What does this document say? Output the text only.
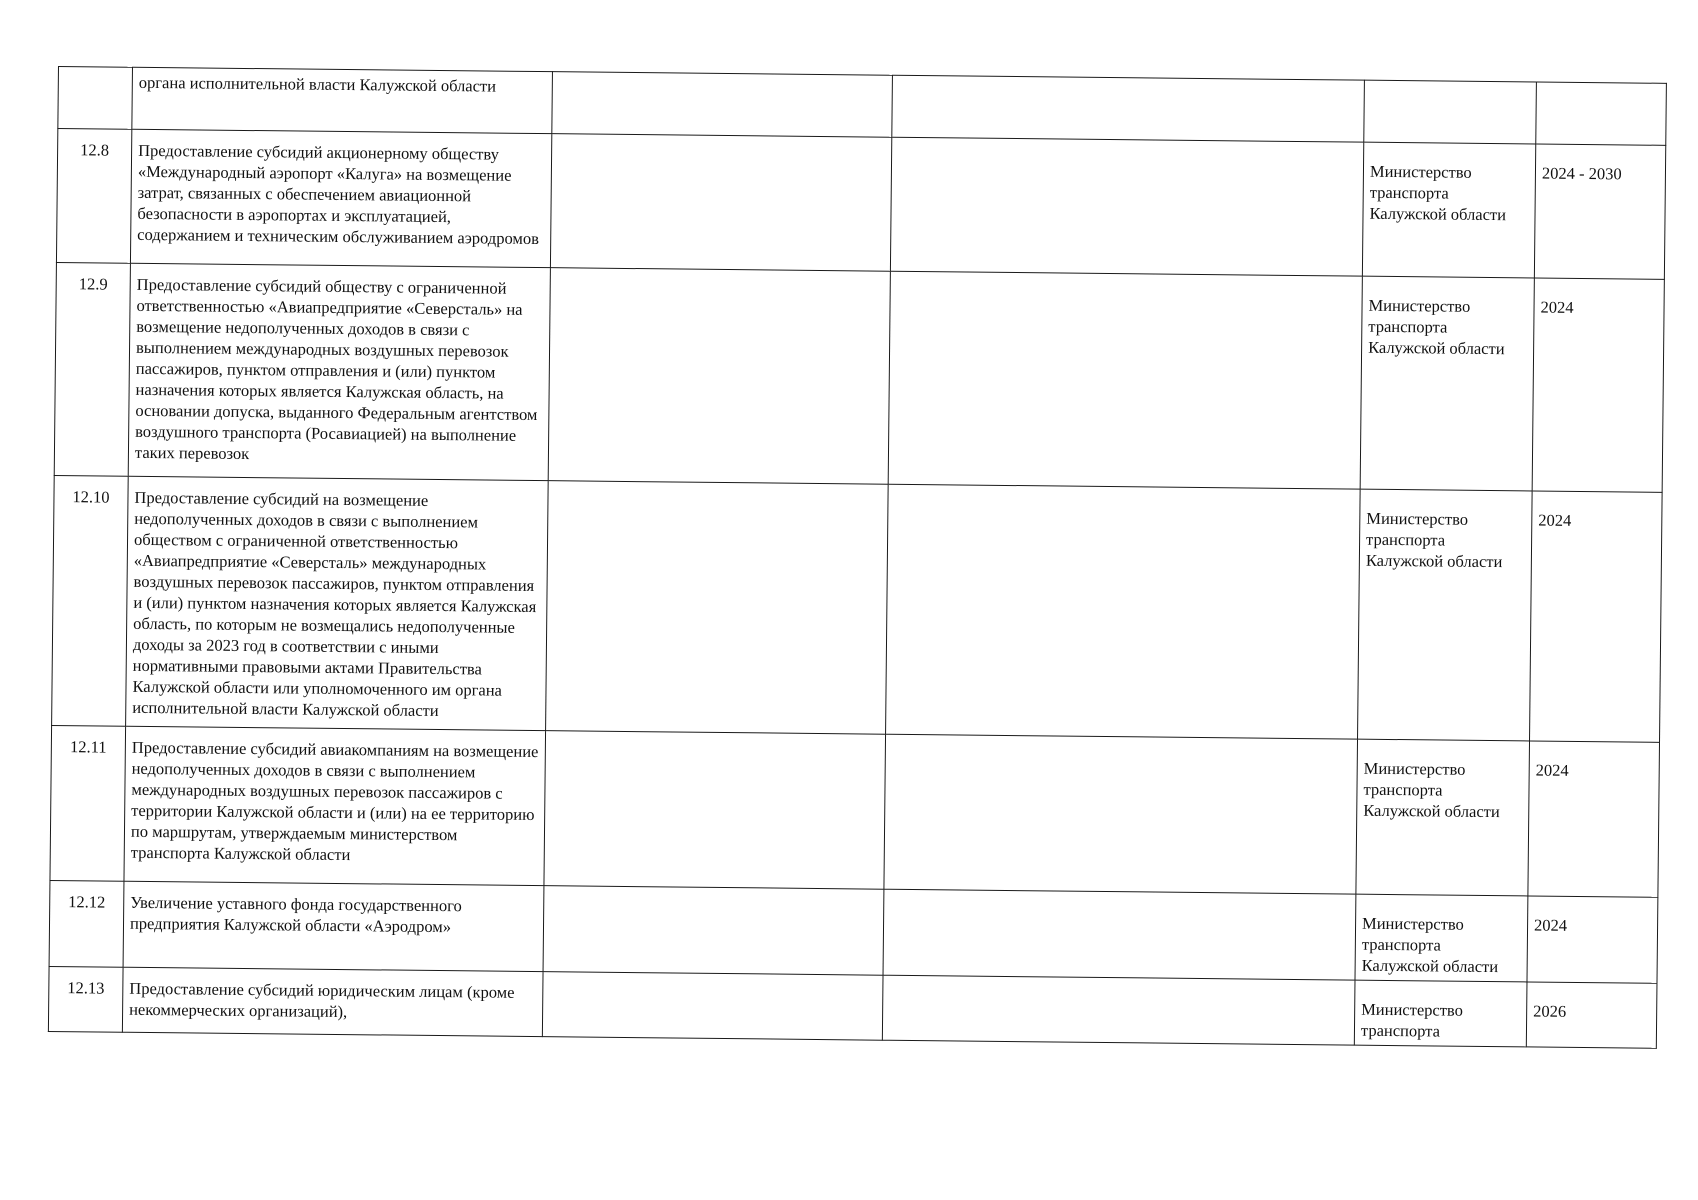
	органа исполнительной власти Калужской области				
12.8	Предоставление субсидий акционерному обществу «Международный аэропорт «Калуга» на возмещение затрат, связанных с обеспечением авиационной безопасности в аэропортах и эксплуатацией, содержанием и техническим обслуживанием аэродромов			Министерство транспорта Калужской области	2024 - 2030
12.9	Предоставление субсидий обществу с ограниченной ответственностью «Авиапредприятие «Северсталь» на возмещение недополученных доходов в связи с выполнением международных воздушных перевозок пассажиров, пунктом отправления и (или) пунктом назначения которых является Калужская область, на основании допуска, выданного Федеральным агентством воздушного транспорта (Росавиацией) на выполнение таких перевозок			Министерство транспорта Калужской области	2024
12.10	Предоставление субсидий на возмещение недополученных доходов в связи с выполнением обществом с ограниченной ответственностью «Авиапредприятие «Северсталь» международных воздушных перевозок пассажиров, пунктом отправления и (или) пунктом назначения которых является Калужская область, по которым не возмещались недополученные доходы за 2023 год в соответствии с иными нормативными правовыми актами Правительства Калужской области или уполномоченного им органа исполнительной власти Калужской области			Министерство транспорта Калужской области	2024
12.11	Предоставление субсидий авиакомпаниям на возмещение недополученных доходов в связи с выполнением международных воздушных перевозок пассажиров с территории Калужской области и (или) на ее территорию по маршрутам, утверждаемым министерством транспорта Калужской области			Министерство транспорта Калужской области	2024
12.12	Увеличение уставного фонда государственного предприятия Калужской области «Аэродром»			Министерство транспорта Калужской области	2024
12.13	Предоставление субсидий юридическим лицам (кроме некоммерческих организаций),			Министерство транспорта	2026
